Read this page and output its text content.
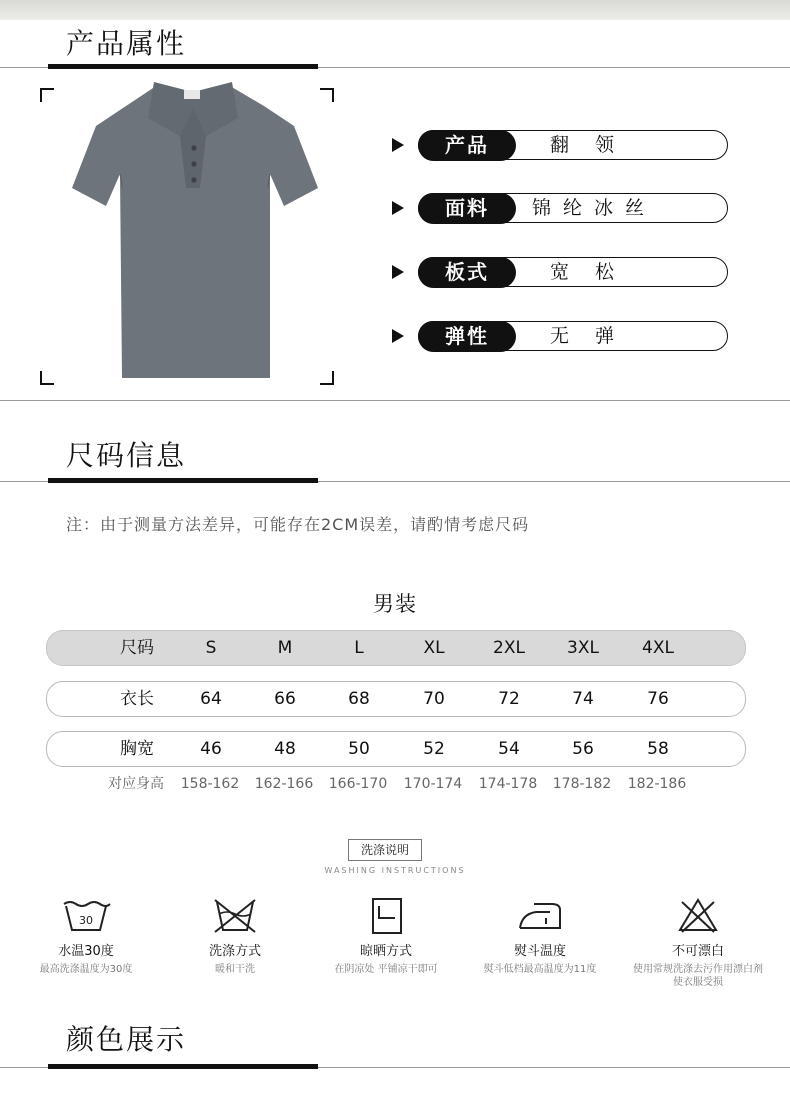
产品属性
产品	翻领
面料	锦纶冰丝
板式	宽松
弹性	无弹
尺码信息
注：由于测量方法差异，可能存在2CM误差，请酌情考虑尺码
男装
尺码	S	M	L	XL	2XL	3XL	4XL
衣长	64	66	68	70	72	74	76
胸宽	46	48	50	52	54	56	58
对应身高	158-162	162-166	166-170	170-174	174-178	178-182	182-186
洗涤说明
WASHING INSTRUCTIONS
30
水温30度
最高洗涤温度为30度
洗涤方式
暖和干洗
晾晒方式
在阴凉处 平铺凉干即可
熨斗温度
熨斗低档最高温度为11度
不可漂白
使用常规洗涤去污作用漂白剂使衣服受损
颜色展示
